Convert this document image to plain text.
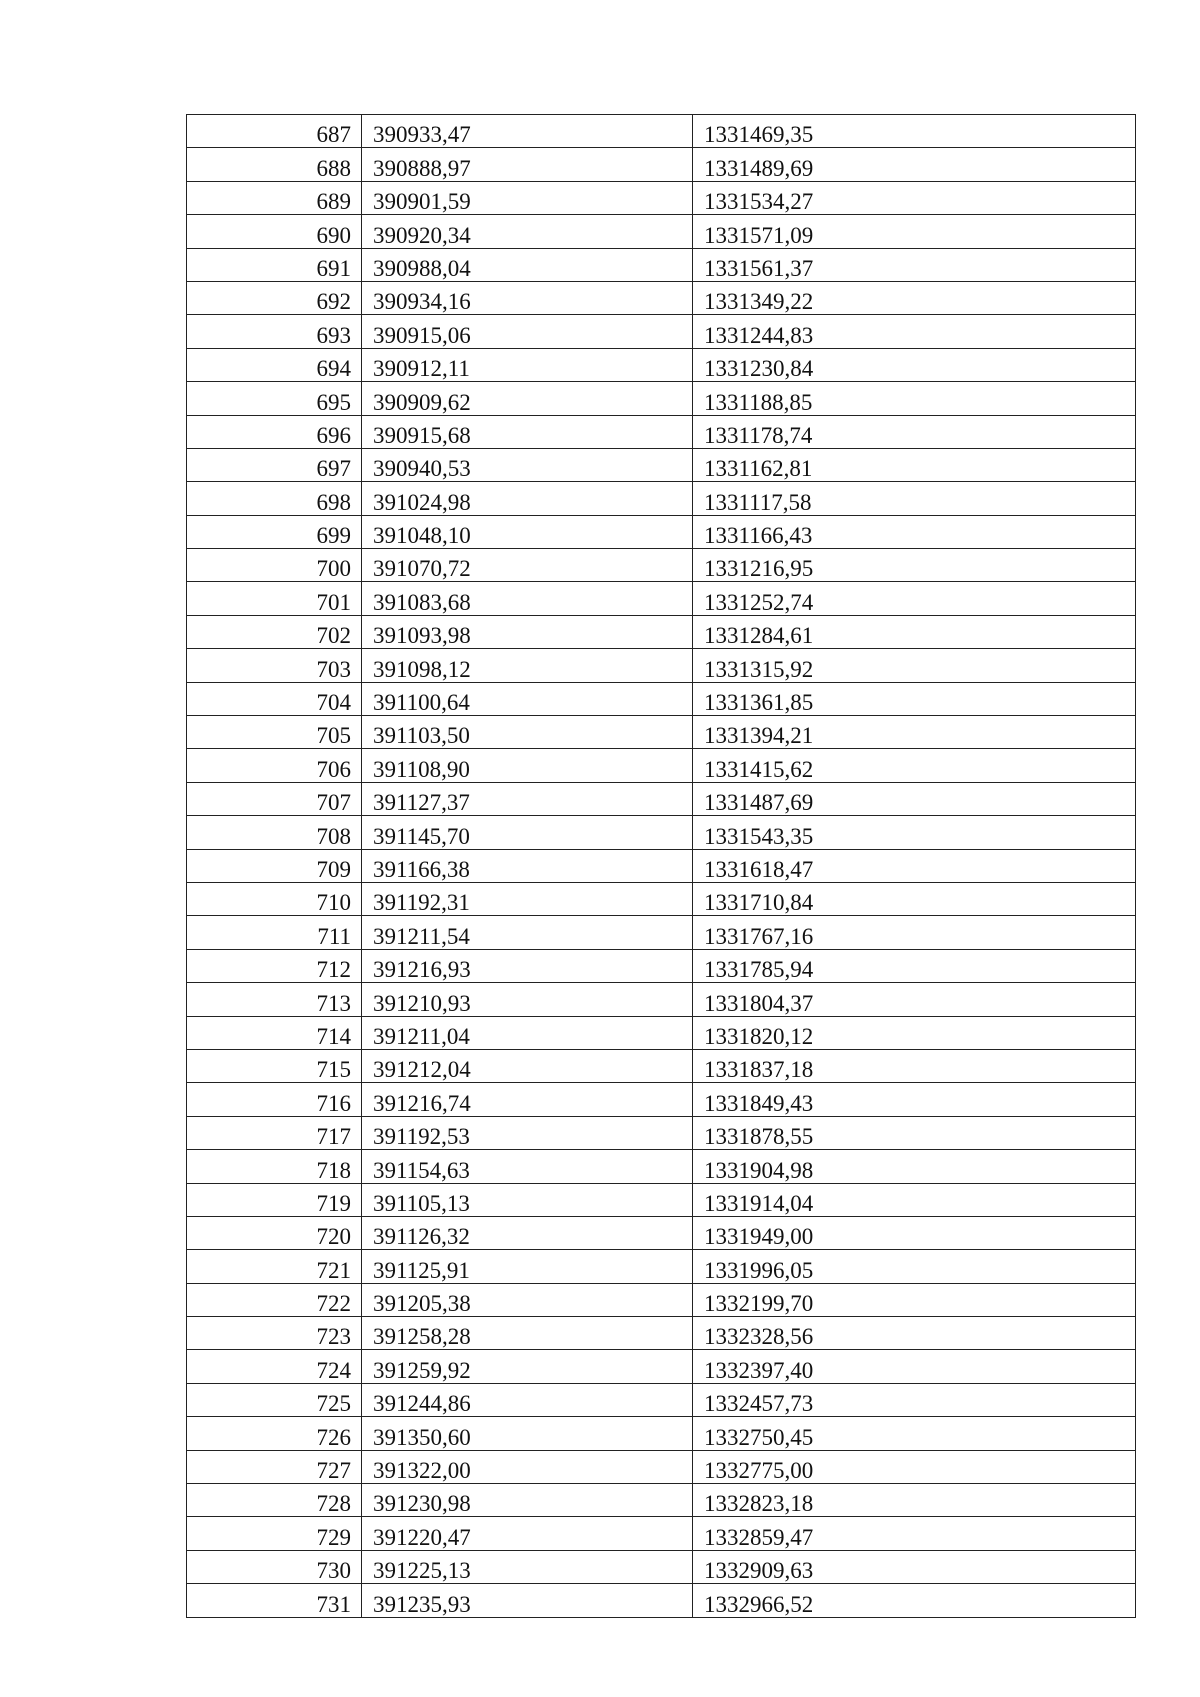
687	390933,47	1331469,35
688	390888,97	1331489,69
689	390901,59	1331534,27
690	390920,34	1331571,09
691	390988,04	1331561,37
692	390934,16	1331349,22
693	390915,06	1331244,83
694	390912,11	1331230,84
695	390909,62	1331188,85
696	390915,68	1331178,74
697	390940,53	1331162,81
698	391024,98	1331117,58
699	391048,10	1331166,43
700	391070,72	1331216,95
701	391083,68	1331252,74
702	391093,98	1331284,61
703	391098,12	1331315,92
704	391100,64	1331361,85
705	391103,50	1331394,21
706	391108,90	1331415,62
707	391127,37	1331487,69
708	391145,70	1331543,35
709	391166,38	1331618,47
710	391192,31	1331710,84
711	391211,54	1331767,16
712	391216,93	1331785,94
713	391210,93	1331804,37
714	391211,04	1331820,12
715	391212,04	1331837,18
716	391216,74	1331849,43
717	391192,53	1331878,55
718	391154,63	1331904,98
719	391105,13	1331914,04
720	391126,32	1331949,00
721	391125,91	1331996,05
722	391205,38	1332199,70
723	391258,28	1332328,56
724	391259,92	1332397,40
725	391244,86	1332457,73
726	391350,60	1332750,45
727	391322,00	1332775,00
728	391230,98	1332823,18
729	391220,47	1332859,47
730	391225,13	1332909,63
731	391235,93	1332966,52
